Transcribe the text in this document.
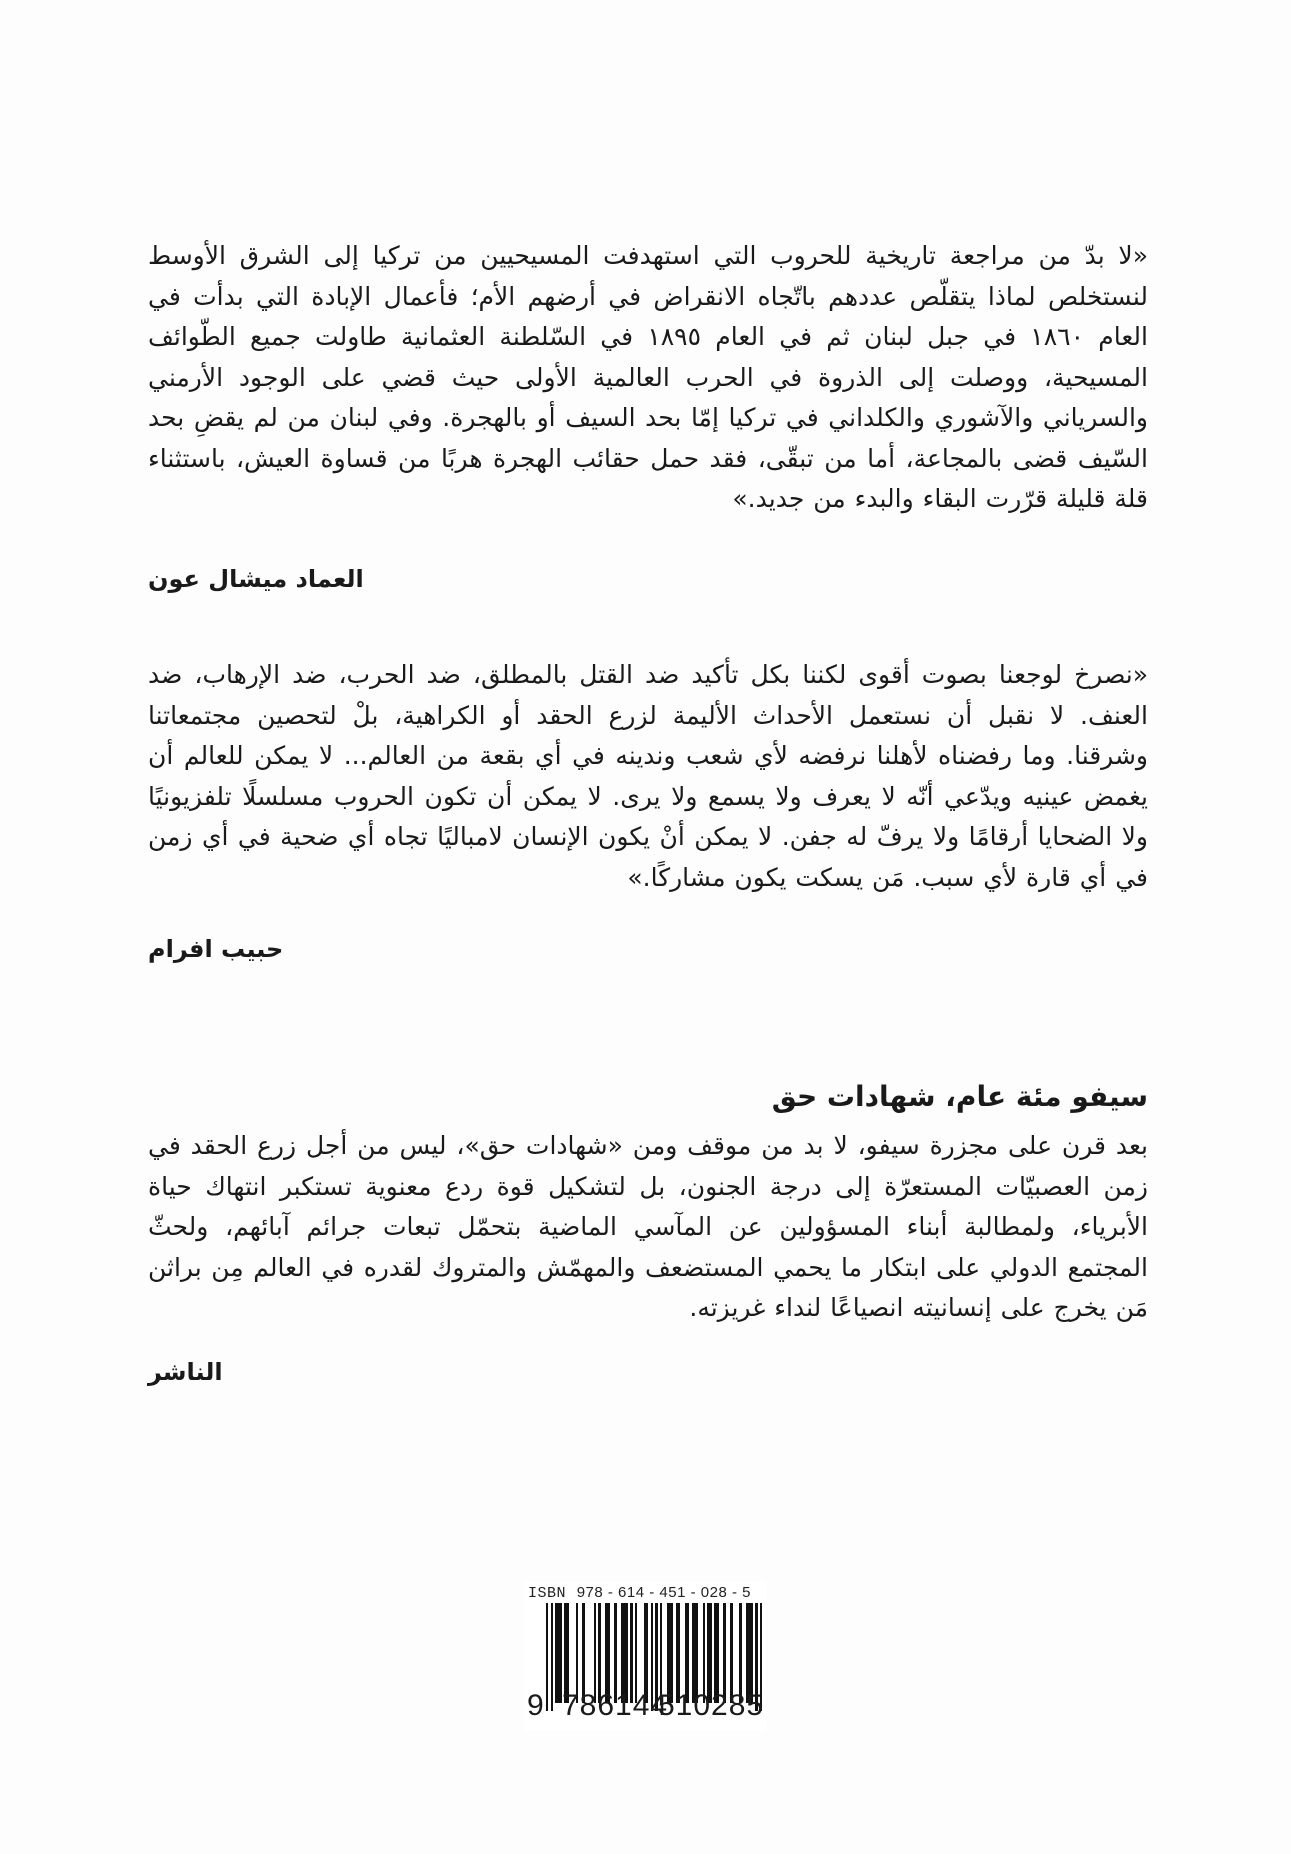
«لا بدّ من مراجعة تاريخية للحروب التي استهدفت المسيحيين من تركيا إلى الشرق الأوسط لنستخلص لماذا يتقلّص عددهم باتّجاه الانقراض في أرضهم الأم؛ فأعمال الإبادة التي بدأت في العام ١٨٦٠ في جبل لبنان ثم في العام ١٨٩٥ في السّلطنة العثمانية طاولت جميع الطّوائف المسيحية، ووصلت إلى الذروة في الحرب العالمية الأولى حيث قضي على الوجود الأرمني والسرياني والآشوري والكلداني في تركيا إمّا بحد السيف أو بالهجرة. وفي لبنان من لم يقضِ بحد السّيف قضى بالمجاعة، أما من تبقّى، فقد حمل حقائب الهجرة هربًا من قساوة العيش، باستثناء قلة قليلة قرّرت البقاء والبدء من جديد.»

العماد ميشال عون

«نصرخ لوجعنا بصوت أقوى لكننا بكل تأكيد ضد القتل بالمطلق، ضد الحرب، ضد الإرهاب، ضد العنف. لا نقبل أن نستعمل الأحداث الأليمة لزرع الحقد أو الكراهية، بلْ لتحصين مجتمعاتنا وشرقنا. وما رفضناه لأهلنا نرفضه لأي شعب وندينه في أي بقعة من العالم... لا يمكن للعالم أن يغمض عينيه ويدّعي أنّه لا يعرف ولا يسمع ولا يرى. لا يمكن أن تكون الحروب مسلسلًا تلفزيونيًا ولا الضحايا أرقامًا ولا يرفّ له جفن. لا يمكن أنْ يكون الإنسان لامباليًا تجاه أي ضحية في أي زمن في أي قارة لأي سبب. مَن يسكت يكون مشاركًا.»

حبيب افرام

سيفو مئة عام، شهادات حق

بعد قرن على مجزرة سيفو، لا بد من موقف ومن «شهادات حق»، ليس من أجل زرع الحقد في زمن العصبيّات المستعرّة إلى درجة الجنون، بل لتشكيل قوة ردع معنوية تستكبر انتهاك حياة الأبرياء، ولمطالبة أبناء المسؤولين عن المآسي الماضية بتحمّل تبعات جرائم آبائهم، ولحثّ المجتمع الدولي على ابتكار ما يحمي المستضعف والمهمّش والمتروك لقدره في العالم مِن براثن مَن يخرج على إنسانيته انصياعًا لنداء غريزته.

الناشر

ISBN 978 - 614 - 451 - 028 - 5
9 786144
510285
